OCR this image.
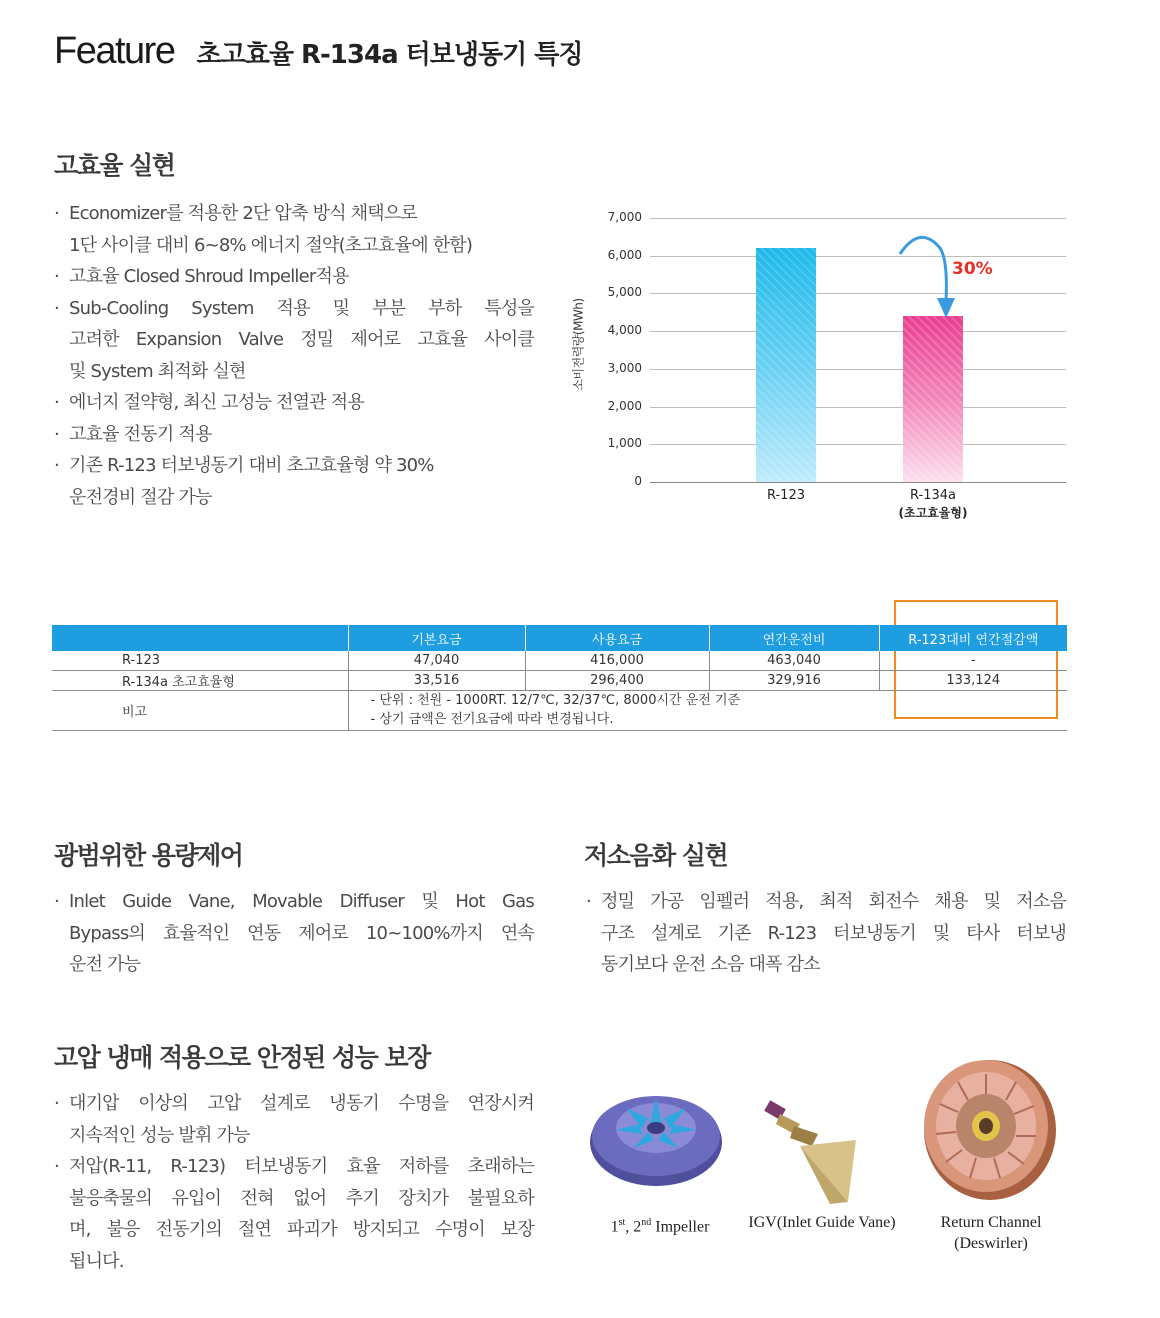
Feature 초고효율 R-134a 터보냉동기 특징
고효율 실현
· Economizer를 적용한 2단 압축 방식 채택으로
1단 사이클 대비 6~8% 에너지 절약(초고효율에 한함)
· 고효율 Closed Shroud Impeller적용
· Sub-Cooling System 적용 및 부분 부하 특성을
고려한 Expansion Valve 정밀 제어로 고효율 사이클
및 System 최적화 실현
· 에너지 절약형, 최신 고성능 전열관 적용
· 고효율 전동기 적용
· 기존 R-123 터보냉동기 대비 초고효율형 약 30%
운전경비 절감 가능
소비전력량(MWh)
0
1,000
2,000
3,000
4,000
5,000
6,000
7,000
R-123	R-134a
(초고효율형)
30%
	기본요금	사용요금	연간운전비	R-123대비 연간절감액
R-123	47,040	416,000	463,040	-
R-134a 초고효율형	33,516	296,400	329,916	133,124
비고	- 단위 : 천원 - 1000RT. 12/7℃, 32/37℃, 8000시간 운전 기준
- 상기 금액은 전기요금에 따라 변경됩니다.			
광범위한 용량제어
· Inlet Guide Vane, Movable Diffuser 및 Hot Gas
Bypass의 효율적인 연동 제어로 10~100%까지 연속
운전 가능
저소음화 실현
· 정밀 가공 임펠러 적용, 최적 회전수 채용 및 저소음
구조 설계로 기존 R-123 터보냉동기 및 타사 터보냉
동기보다 운전 소음 대폭 감소
고압 냉매 적용으로 안정된 성능 보장
· 대기압 이상의 고압 설계로 냉동기 수명을 연장시켜
지속적인 성능 발휘 가능
· 저압(R-11, R-123) 터보냉동기 효율 저하를 초래하는
불응축물의 유입이 전혀 없어 추기 장치가 불필요하
며, 불응 전동기의 절연 파괴가 방지되고 수명이 보장
됩니다.
1st, 2nd Impeller	IGV(Inlet Guide Vane)	Return Channel
(Deswirler)
